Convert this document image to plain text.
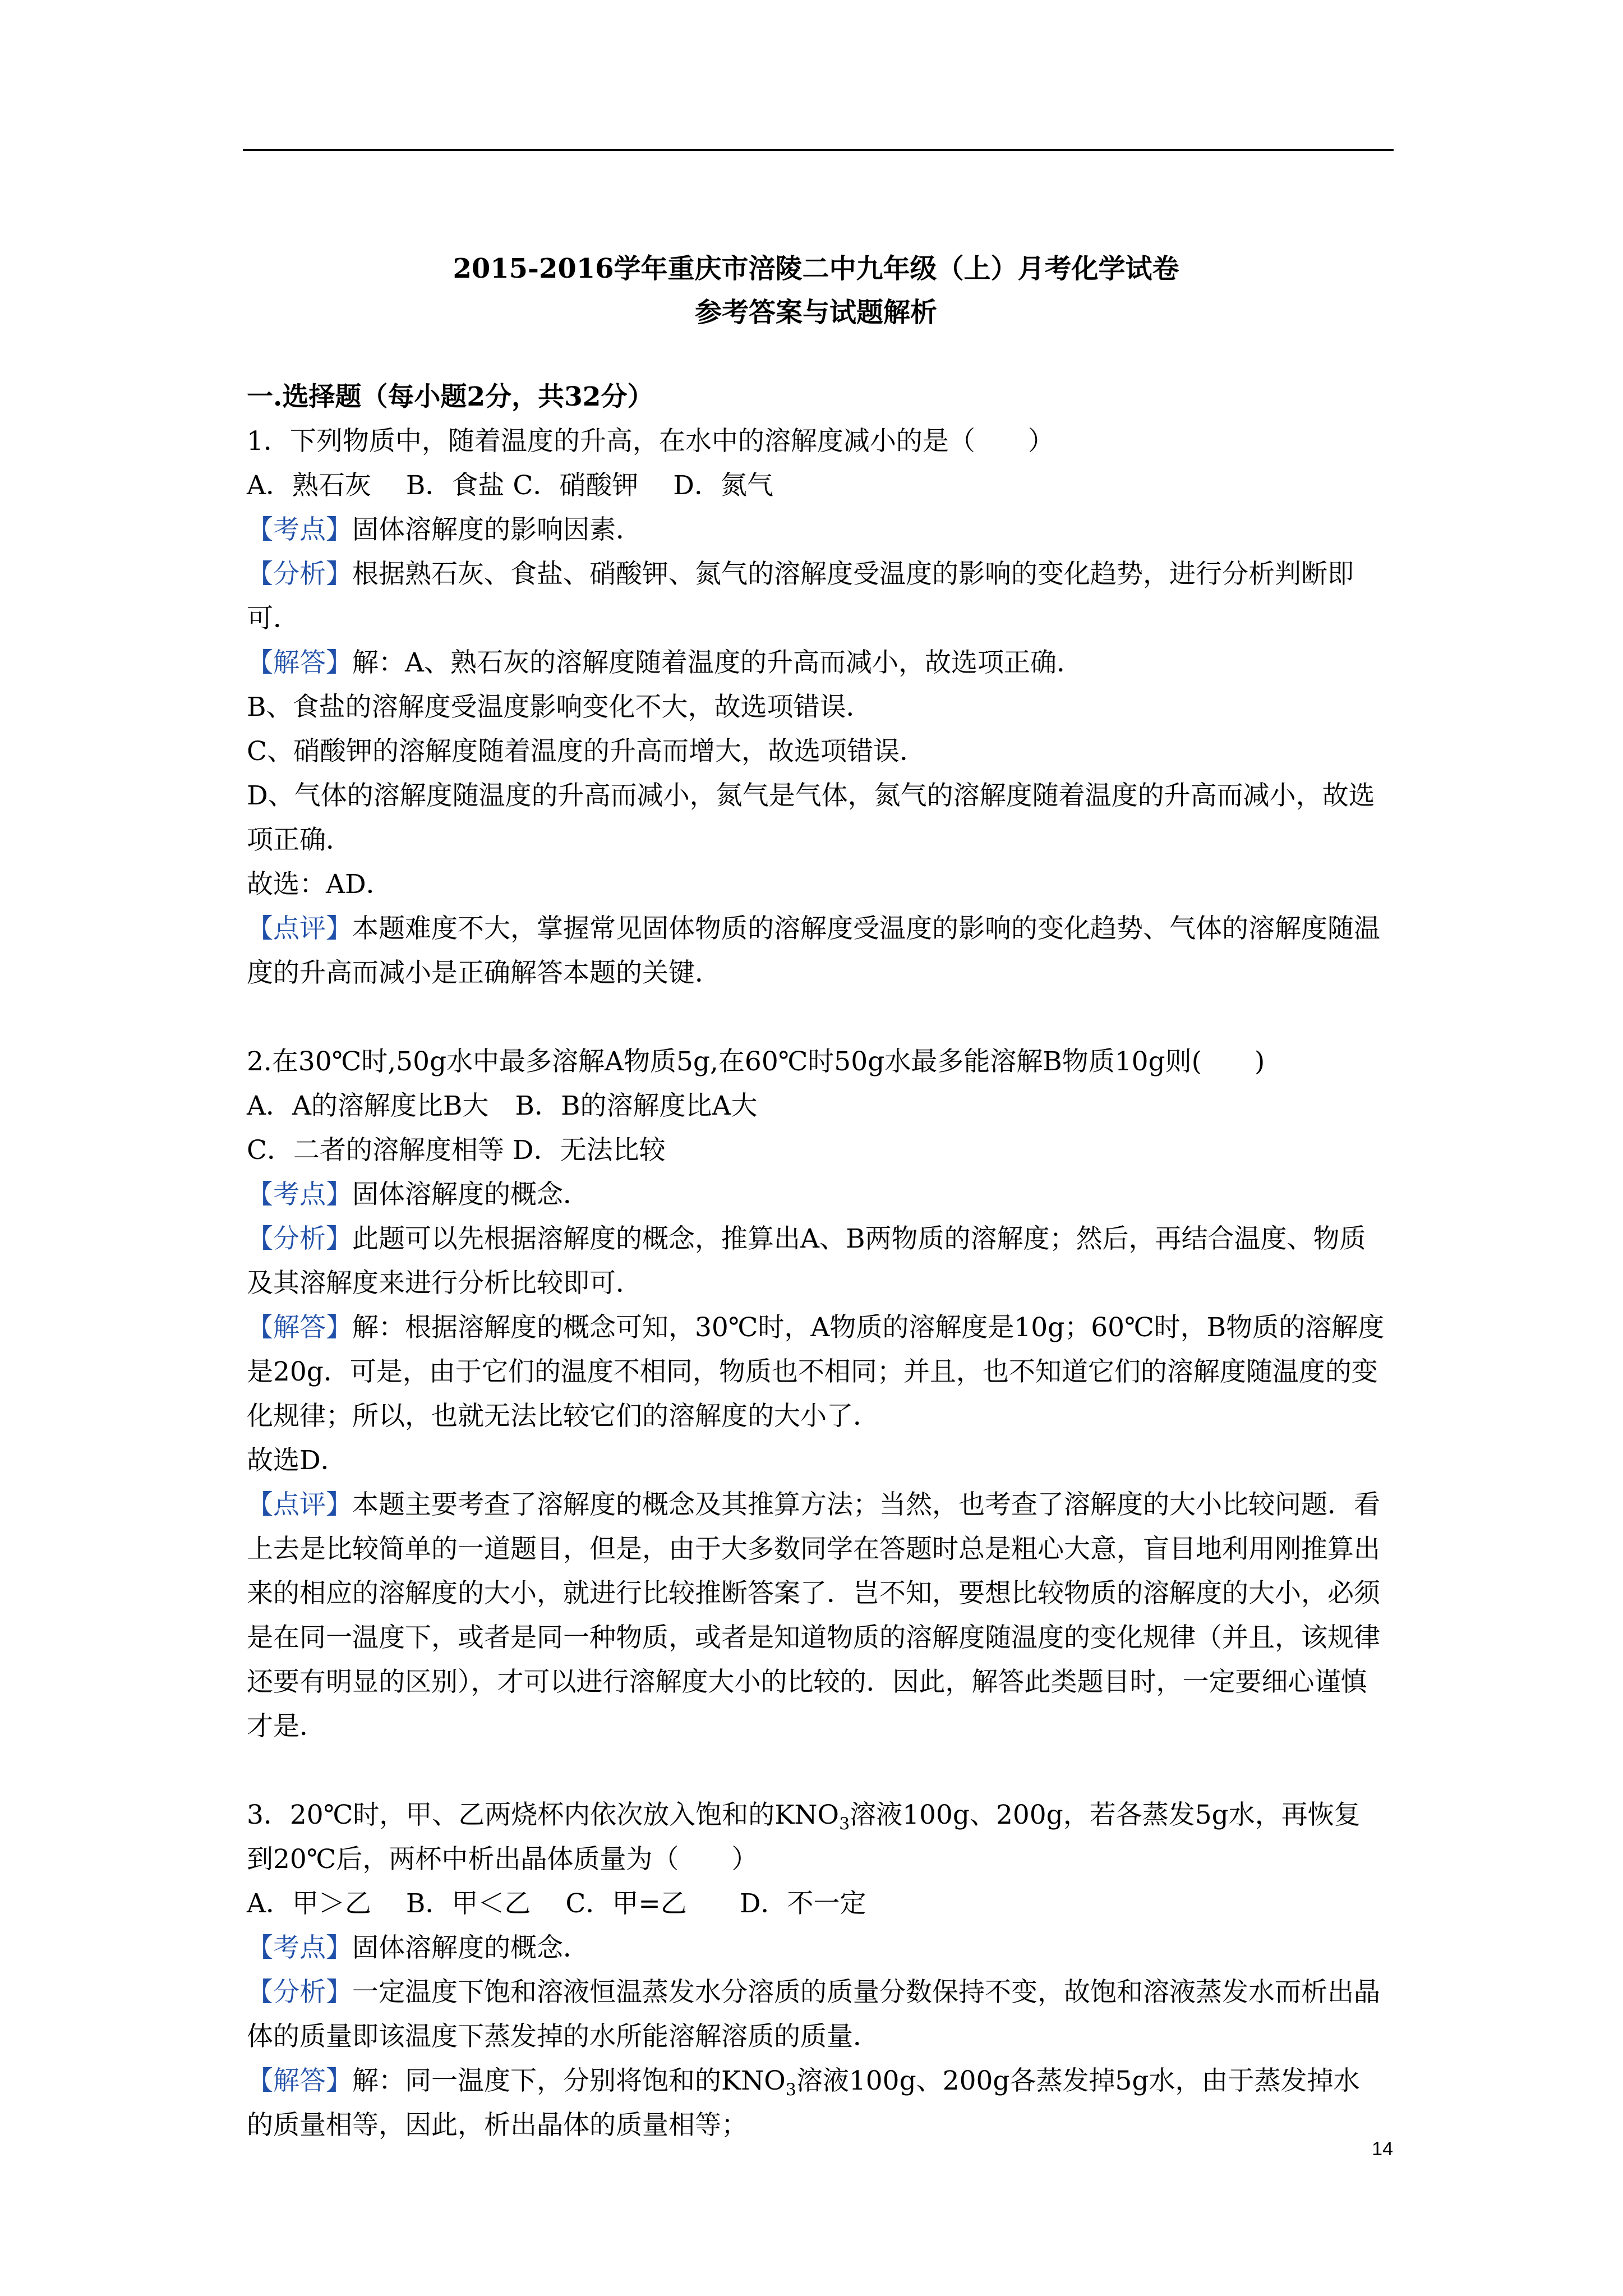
2015-2016学年重庆市涪陵二中九年级（上）月考化学试卷
参考答案与试题解析
一.选择题（每小题2分，共32分）
1．下列物质中，随着温度的升高，在水中的溶解度减小的是（　　）
A．熟石灰　 B．食盐 C．硝酸钾　 D．氮气
【考点】固体溶解度的影响因素．
【分析】根据熟石灰、食盐、硝酸钾、氮气的溶解度受温度的影响的变化趋势，进行分析判断即可．
【解答】解：A、熟石灰的溶解度随着温度的升高而减小，故选项正确．
B、食盐的溶解度受温度影响变化不大，故选项错误．
C、硝酸钾的溶解度随着温度的升高而增大，故选项错误．
D、气体的溶解度随温度的升高而减小，氮气是气体，氮气的溶解度随着温度的升高而减小，故选项正确．
故选：AD．
【点评】本题难度不大，掌握常见固体物质的溶解度受温度的影响的变化趋势、气体的溶解度随温度的升高而减小是正确解答本题的关键．
2.在30℃时,50g水中最多溶解A物质5g,在60℃时50g水最多能溶解B物质10g则(　　)
A．A的溶解度比B大　B．B的溶解度比A大
C．二者的溶解度相等 D．无法比较
【考点】固体溶解度的概念．
【分析】此题可以先根据溶解度的概念，推算出A、B两物质的溶解度；然后，再结合温度、物质及其溶解度来进行分析比较即可．
【解答】解：根据溶解度的概念可知，30℃时，A物质的溶解度是10g；60℃时，B物质的溶解度是20g．可是，由于它们的温度不相同，物质也不相同；并且，也不知道它们的溶解度随温度的变化规律；所以，也就无法比较它们的溶解度的大小了．
故选D．
【点评】本题主要考查了溶解度的概念及其推算方法；当然，也考查了溶解度的大小比较问题．看上去是比较简单的一道题目，但是，由于大多数同学在答题时总是粗心大意，盲目地利用刚推算出来的相应的溶解度的大小，就进行比较推断答案了．岂不知，要想比较物质的溶解度的大小，必须是在同一温度下，或者是同一种物质，或者是知道物质的溶解度随温度的变化规律（并且，该规律还要有明显的区别），才可以进行溶解度大小的比较的．因此，解答此类题目时，一定要细心谨慎才是．
3．20℃时，甲、乙两烧杯内依次放入饱和的$KNO_3$溶液100g、200g，若各蒸发5g水，再恢复到20℃后，两杯中析出晶体质量为（　　）
A．甲＞乙　 B．甲＜乙　 C．甲=乙　　D．不一定
【考点】固体溶解度的概念．
【分析】一定温度下饱和溶液恒温蒸发水分溶质的质量分数保持不变，故饱和溶液蒸发水而析出晶体的质量即该温度下蒸发掉的水所能溶解溶质的质量．
【解答】解：同一温度下，分别将饱和的$KNO_3$溶液100g、200g各蒸发掉5g水，由于蒸发掉水的质量相等，因此，析出晶体的质量相等；
14
